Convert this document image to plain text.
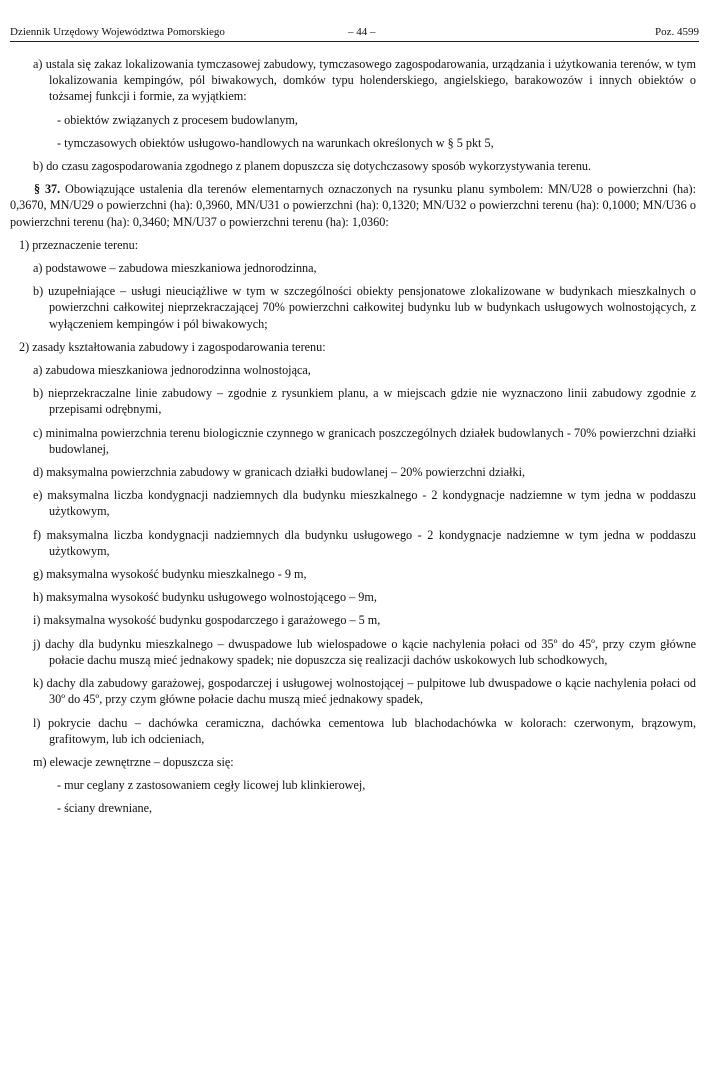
Dziennik Urzędowy Województwa Pomorskiego	– 44 –	Poz. 4599
a) ustala się zakaz lokalizowania tymczasowej zabudowy, tymczasowego zagospodarowania, urządzania i użytkowania terenów, w tym lokalizowania kempingów, pól biwakowych, domków typu holenderskiego, angielskiego, barakowozów i innych obiektów o tożsamej funkcji i formie, za wyjątkiem:
- obiektów związanych z procesem budowlanym,
- tymczasowych obiektów usługowo-handlowych na warunkach określonych w § 5 pkt 5,
b) do czasu zagospodarowania zgodnego z planem dopuszcza się dotychczasowy sposób wykorzystywania terenu.
§ 37. Obowiązujące ustalenia dla terenów elementarnych oznaczonych na rysunku planu symbolem: MN/U28 o powierzchni (ha): 0,3670, MN/U29 o powierzchni (ha): 0,3960, MN/U31 o powierzchni (ha): 0,1320; MN/U32 o powierzchni terenu (ha): 0,1000; MN/U36 o powierzchni terenu (ha): 0,3460; MN/U37 o powierzchni terenu (ha): 1,0360:
1) przeznaczenie terenu:
a) podstawowe – zabudowa mieszkaniowa jednorodzinna,
b) uzupełniające – usługi nieuciążliwe w tym w szczególności obiekty pensjonatowe zlokalizowane w budynkach mieszkalnych o powierzchni całkowitej nieprzekraczającej 70% powierzchni całkowitej budynku lub w budynkach usługowych wolnostojących, z wyłączeniem kempingów i pól biwakowych;
2) zasady kształtowania zabudowy i zagospodarowania terenu:
a) zabudowa mieszkaniowa jednorodzinna wolnostojąca,
b) nieprzekraczalne linie zabudowy – zgodnie z rysunkiem planu, a w miejscach gdzie nie wyznaczono linii zabudowy zgodnie z przepisami odrębnymi,
c) minimalna powierzchnia terenu biologicznie czynnego w granicach poszczególnych działek budowlanych - 70% powierzchni działki budowlanej,
d) maksymalna powierzchnia zabudowy w granicach działki budowlanej – 20% powierzchni działki,
e) maksymalna liczba kondygnacji nadziemnych dla budynku mieszkalnego - 2 kondygnacje nadziemne w tym jedna w poddaszu użytkowym,
f) maksymalna liczba kondygnacji nadziemnych dla budynku usługowego - 2 kondygnacje nadziemne w tym jedna w poddaszu użytkowym,
g) maksymalna wysokość budynku mieszkalnego - 9 m,
h) maksymalna wysokość budynku usługowego wolnostojącego – 9m,
i) maksymalna wysokość budynku gospodarczego i garażowego – 5 m,
j) dachy dla budynku mieszkalnego – dwuspadowe lub wielospadowe o kącie nachylenia połaci od 35º do 45º, przy czym główne połacie dachu muszą mieć jednakowy spadek; nie dopuszcza się realizacji dachów uskokowych lub schodkowych,
k) dachy dla zabudowy garażowej, gospodarczej i usługowej wolnostojącej – pulpitowe lub dwuspadowe o kącie nachylenia połaci od 30º do 45º, przy czym główne połacie dachu muszą mieć jednakowy spadek,
l) pokrycie dachu – dachówka ceramiczna, dachówka cementowa lub blachodachówka w kolorach: czerwonym, brązowym, grafitowym, lub ich odcieniach,
m) elewacje zewnętrzne – dopuszcza się:
- mur ceglany z zastosowaniem cegły licowej lub klinkierowej,
- ściany drewniane,
